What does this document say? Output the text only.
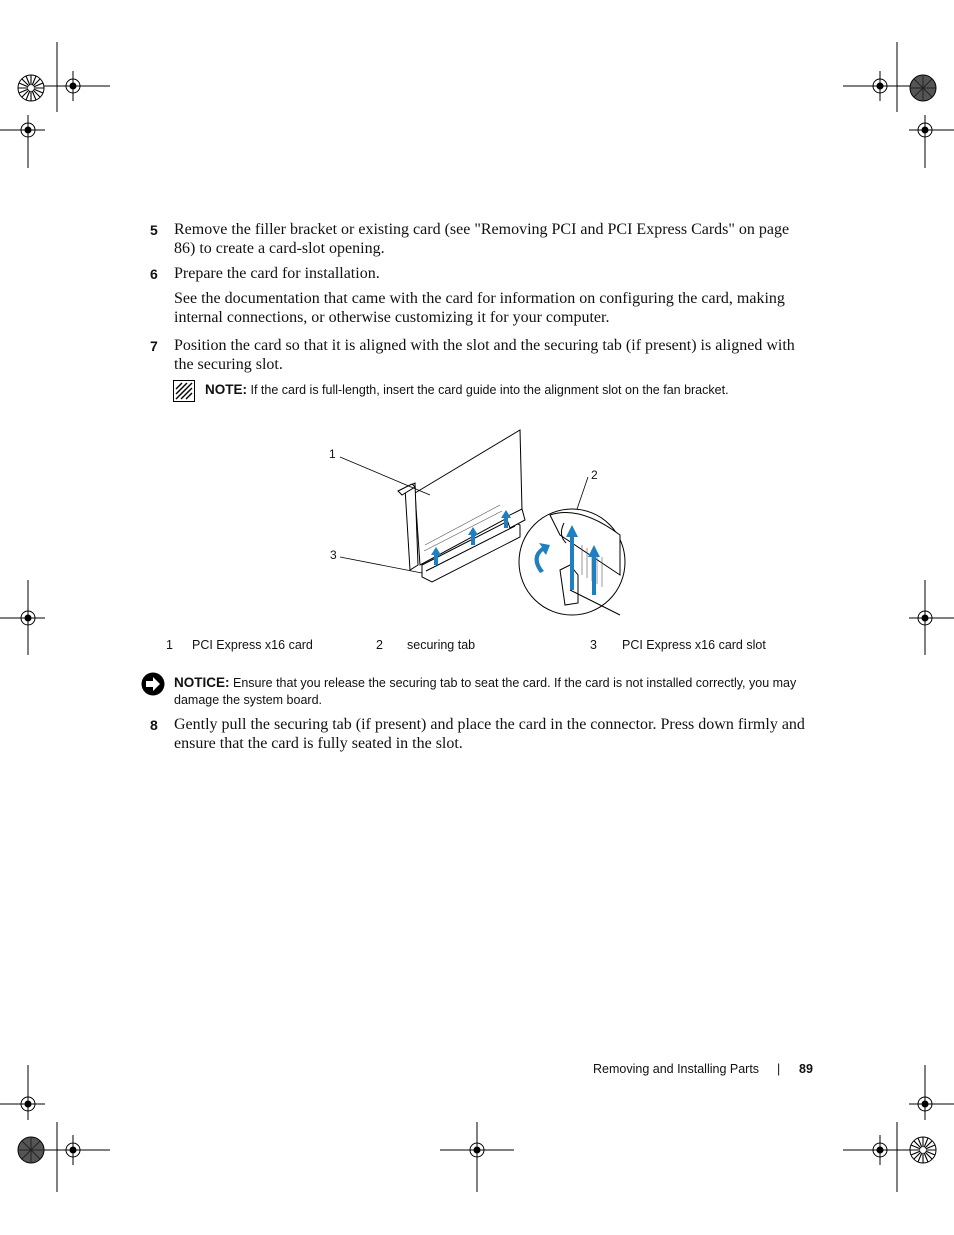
5 Remove the filler bracket or existing card (see "Removing PCI and PCI Express Cards" on page 86) to create a card-slot opening.
6 Prepare the card for installation.
See the documentation that came with the card for information on configuring the card, making internal connections, or otherwise customizing it for your computer.
7 Position the card so that it is aligned with the slot and the securing tab (if present) is aligned with the securing slot.
NOTE: If the card is full-length, insert the card guide into the alignment slot on the fan bracket.
1
2
3
1 PCI Express x16 card	2 securing tab	3 PCI Express x16 card slot
NOTICE: Ensure that you release the securing tab to seat the card. If the card is not installed correctly, you may damage the system board.
8 Gently pull the securing tab (if present) and place the card in the connector. Press down firmly and ensure that the card is fully seated in the slot.
Removing and Installing Parts | 89
